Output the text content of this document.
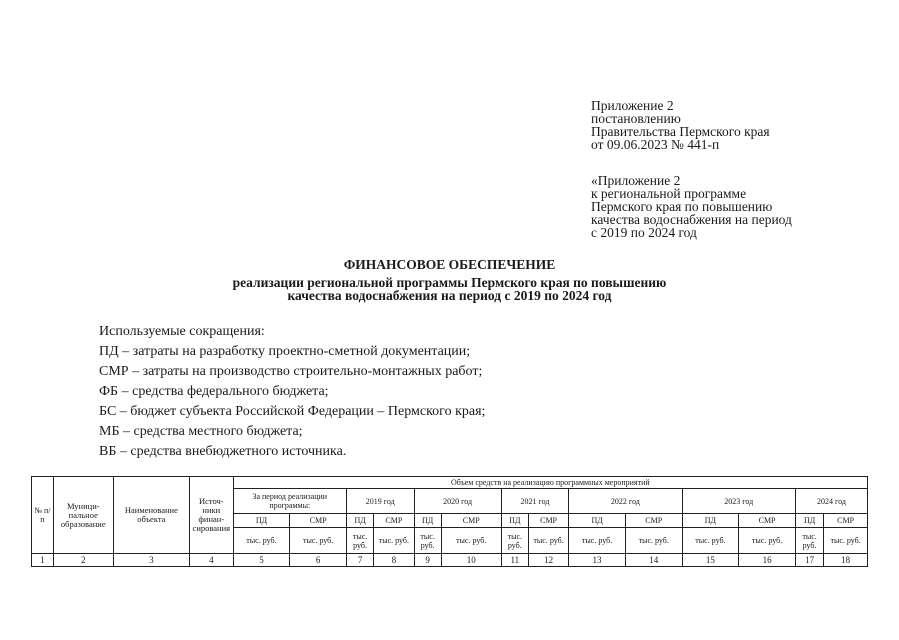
Приложение 2
постановлению
Правительства Пермского края
от 09.06.2023 № 441-п
«Приложение 2
к региональной программе
Пермского края по повышению
качества водоснабжения на период
с 2019 по 2024 год
ФИНАНСОВОЕ ОБЕСПЕЧЕНИЕ
реализации региональной программы Пермского края по повышению
качества водоснабжения на период с 2019 по 2024 год
Используемые сокращения:
ПД – затраты на разработку проектно-сметной документации;
СМР – затраты на производство строительно-монтажных работ;
ФБ – средства федерального бюджета;
БС – бюджет субъекта Российской Федерации – Пермского края;
МБ – средства местного бюджета;
ВБ – средства внебюджетного источника.
№ п/п	Муници-пальное образование	Наименование объекта	Источ-ники финан-сирования	Объем средств на реализацию программных мероприятий													
				За период реализации программы:		2019 год		2020 год		2021 год		2022 год		2023 год		2024 год	
				ПД	СМР	ПД	СМР	ПД	СМР	ПД	СМР	ПД	СМР	ПД	СМР	ПД	СМР
				тыс. руб.	тыс. руб.	тыс. руб.	тыс. руб.	тыс. руб.	тыс. руб.	тыс. руб.	тыс. руб.	тыс. руб.	тыс. руб.	тыс. руб.	тыс. руб.	тыс. руб.	тыс. руб.
1	2	3	4	5	6	7	8	9	10	11	12	13	14	15	16	17	18
